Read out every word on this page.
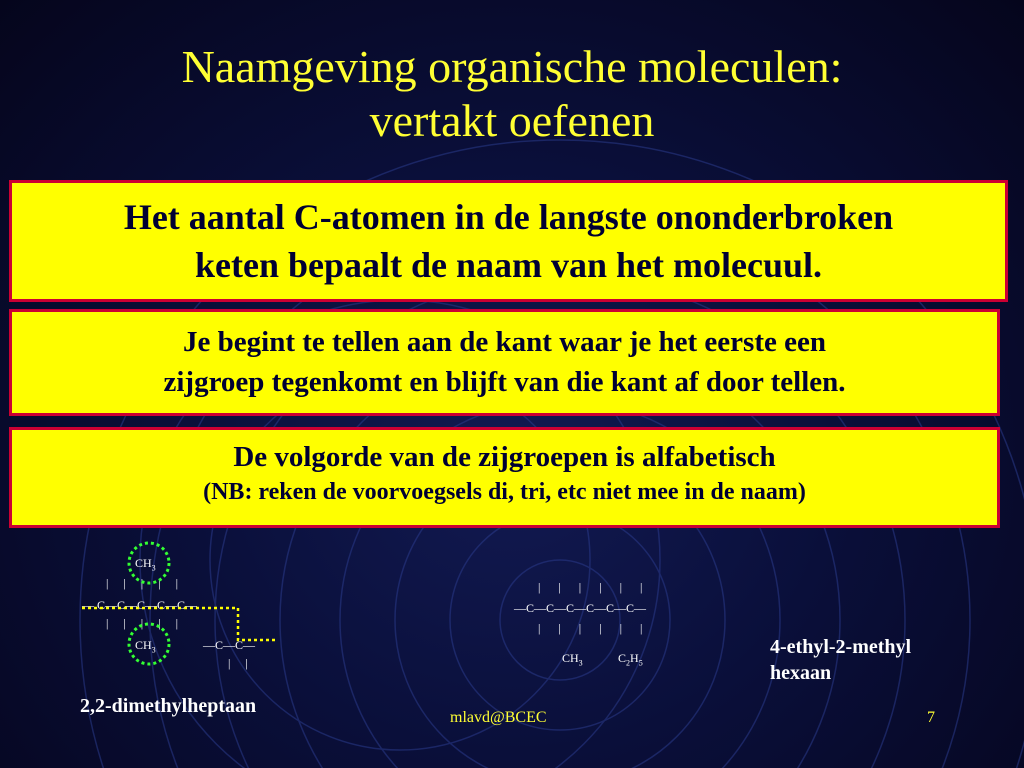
Naamgeving organische moleculen:
vertakt oefenen
Het aantal C-atomen in de langste ononderbroken
keten bepaalt de naam van het molecuul.
Je begint te tellen aan de kant waar je het eerste een
zijgroep tegenkomt en blijft van die kant af door tellen.
De volgorde van de zijgroepen is alfabetisch
(NB: reken de voorvoegsels di, tri, etc niet mee in de naam)
$CH_3$
|     |     |     |     |
— C—C—C—C—C—
|     |     |     |     |
$CH_3$	—C—C—
|     |
|      |      |      |      |      |
—C—C—C—C—C—C—
|      |      |      |      |      |
$CH_3$	$C_2H_5$
2,2-dimethylheptaan
4-ethyl-2-methyl
hexaan
mlavd@BCEC	7
